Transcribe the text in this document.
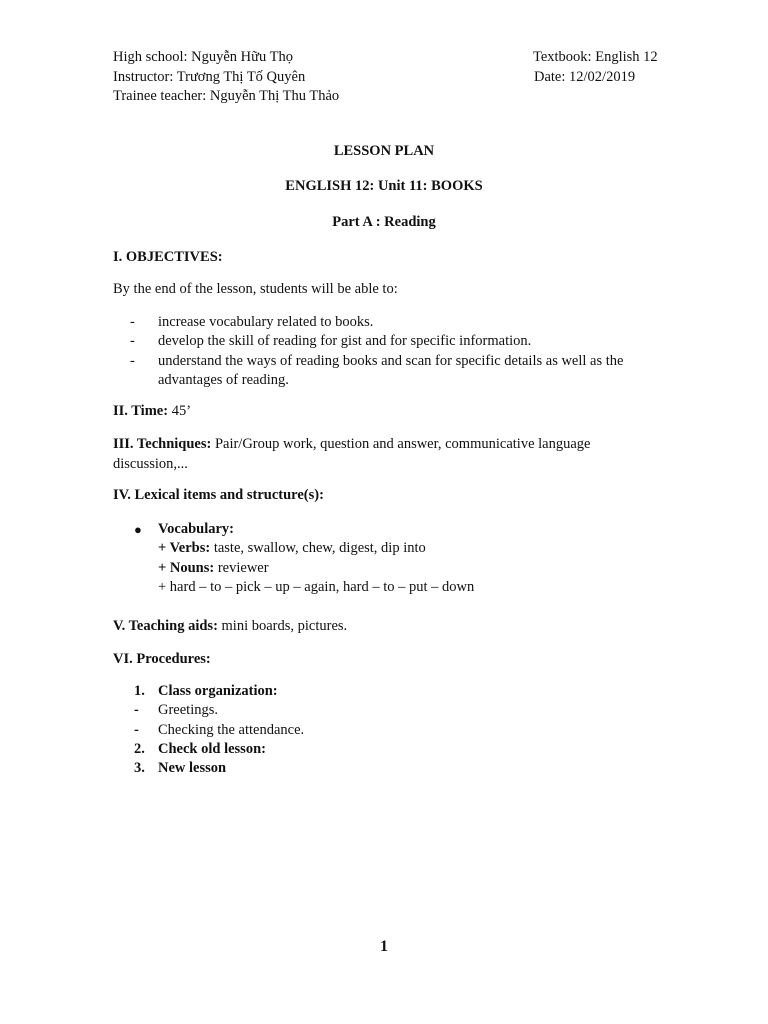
High school: Nguyễn Hữu Thọ
Instructor: Trương Thị Tố Quyên
Trainee teacher: Nguyễn Thị Thu Thảo
Textbook: English 12
Date: 12/02/2019
LESSON PLAN
ENGLISH 12: Unit 11: BOOKS
Part A : Reading
I. OBJECTIVES:
By the end of the lesson, students will be able to:
- increase vocabulary related to books.
- develop the skill of reading for gist and for specific information.
- understand the ways of reading books and scan for specific details as well as the advantages of reading.
II. Time: 45’
III. Techniques: Pair/Group work, question and answer, communicative language discussion,...
IV. Lexical items and structure(s):
● Vocabulary:
+ Verbs: taste, swallow, chew, digest, dip into
+ Nouns: reviewer
+ hard – to – pick – up – again, hard – to – put – down
V. Teaching aids: mini boards, pictures.
VI. Procedures:
1. Class organization:
- Greetings.
- Checking the attendance.
2. Check old lesson:
3. New lesson
1
